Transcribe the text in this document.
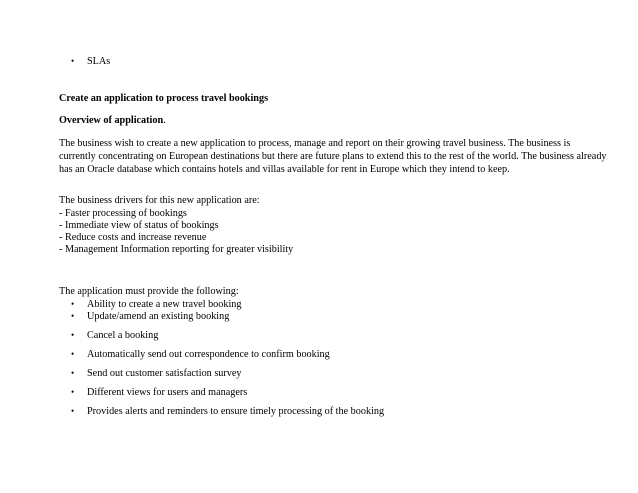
• SLAs
Create an application to process travel bookings
Overview of application.
The business wish to create a new application to process, manage and report on their growing travel business. The business is
currently concentrating on European destinations but there are future plans to extend this to the rest of the world. The business already
has an Oracle database which contains hotels and villas available for rent in Europe which they intend to keep.
The business drivers for this new application are:
- Faster processing of bookings
- Immediate view of status of bookings
- Reduce costs and increase revenue
- Management Information reporting for greater visibility
The application must provide the following:
• Ability to create a new travel booking
• Update/amend an existing booking
• Cancel a booking
• Automatically send out correspondence to confirm booking
• Send out customer satisfaction survey
• Different views for users and managers
• Provides alerts and reminders to ensure timely processing of the booking
